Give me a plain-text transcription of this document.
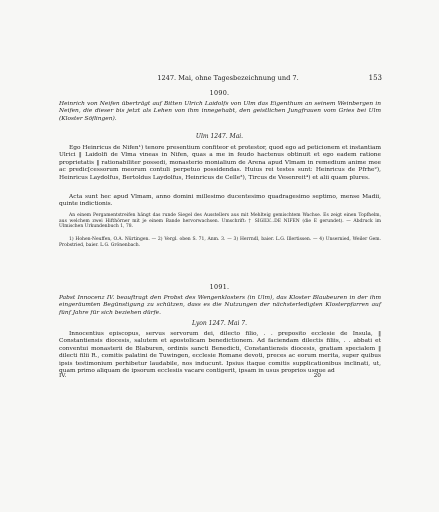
1247. Mai, ohne Tagesbezeichnung und 7.	153
1090.
Heinrich von Neifen überträgt auf Bitten Ulrich Laidolfs von Ulm das Eigenthum an seinem Weinbergen in Neifen, die dieser bis jetzt als Lehen von ihm innegehabt, den geistlichen Jungfrauen vom Gries bei Ulm (Kloster Söflingen).
Ulm 1247. Mai.
Ego Heinricus de Nifen¹) tenore presentium confiteor et protestor, quod ego ad peticionem et instantiam Ulrici ‖ Laidolfi de Vlma vineas in Nifen, quas a me in feudo hactenus obtinuit et ego eadem ratione proprietatis ‖ rationabiliter possedi, monasterio monialium de Arena apud Vlmam in remedium anime mee ac predic[cessorum meorum contuli perpetuo possidendas. Huius rei testes sunt: Heinricus de Pfrhe²), Heinricus Laydolfus, Bertoldus Laydolfus, Heinricus de Celle³), Tircus de Vesenreit⁴) et alii quam plures.
Acta sunt hec apud Vlmam, anno domini millesimo ducentesimo quadragesimo septimo, mense Madii, quinte indictionis.
An einem Pergamentstreifen hängt das runde Siegel des Ausstellers aus mit Mehlteig gemischtem Wachse. Es zeigt einen Topfhelm, aus welchem zwei Hifthörner mit je einem Bande hervorwachsen. Umschrift: † SIGILV...DE NIFEN (die E gerundet). — Abdruck im Ulmischen Urkundenbuch 1, 78.
1) Hohen-Neuffen, O.A. Nürtingen. — 2) Vergl. oben S. 71, Anm. 3. — 3) Herrndl, baier. L.G. Illertissen. — 4) Unsernied, Weiler Gem. Probstried, baier. L.G. Grönenbach.
1091.
Pabst Innocenz IV. beauftragt den Probst des Wengenklosters (in Ulm), das Kloster Blaubeuren in der ihm eingeräumten Begünstigung zu schützen, dass es die Nutzungen der nächsterledigten Klosterpfarren auf fünf Jahre für sich beziehen dürfe.
Lyon 1247. Mai 7.
Innocentius episcopus, servus servorum dei, dilecto filio, . . preposito ecclesie de Insula, ‖ Constantiensis diocesis, salutem et apostolicam benedictionem. Ad faciendam dilectis filiis, . . abbati et conventui monasterii de Blaburen, ordinis sancti Benedicti, Constantiensis diocesis, gratiam specialem ‖ dilecti filii R., comitis palatini de Tuwingen, ecclesie Romane devoti, preces ac eorum merita, super quibus ipsis testimonium perhibetur laudabile, nos inducunt. Ipsius itaque comitis supplicationibus inclinati, ut, quam primo aliquam de ipsorum ecclesiis vacare contigerit, ipsam in usus proprios usque ad
IV.	20
